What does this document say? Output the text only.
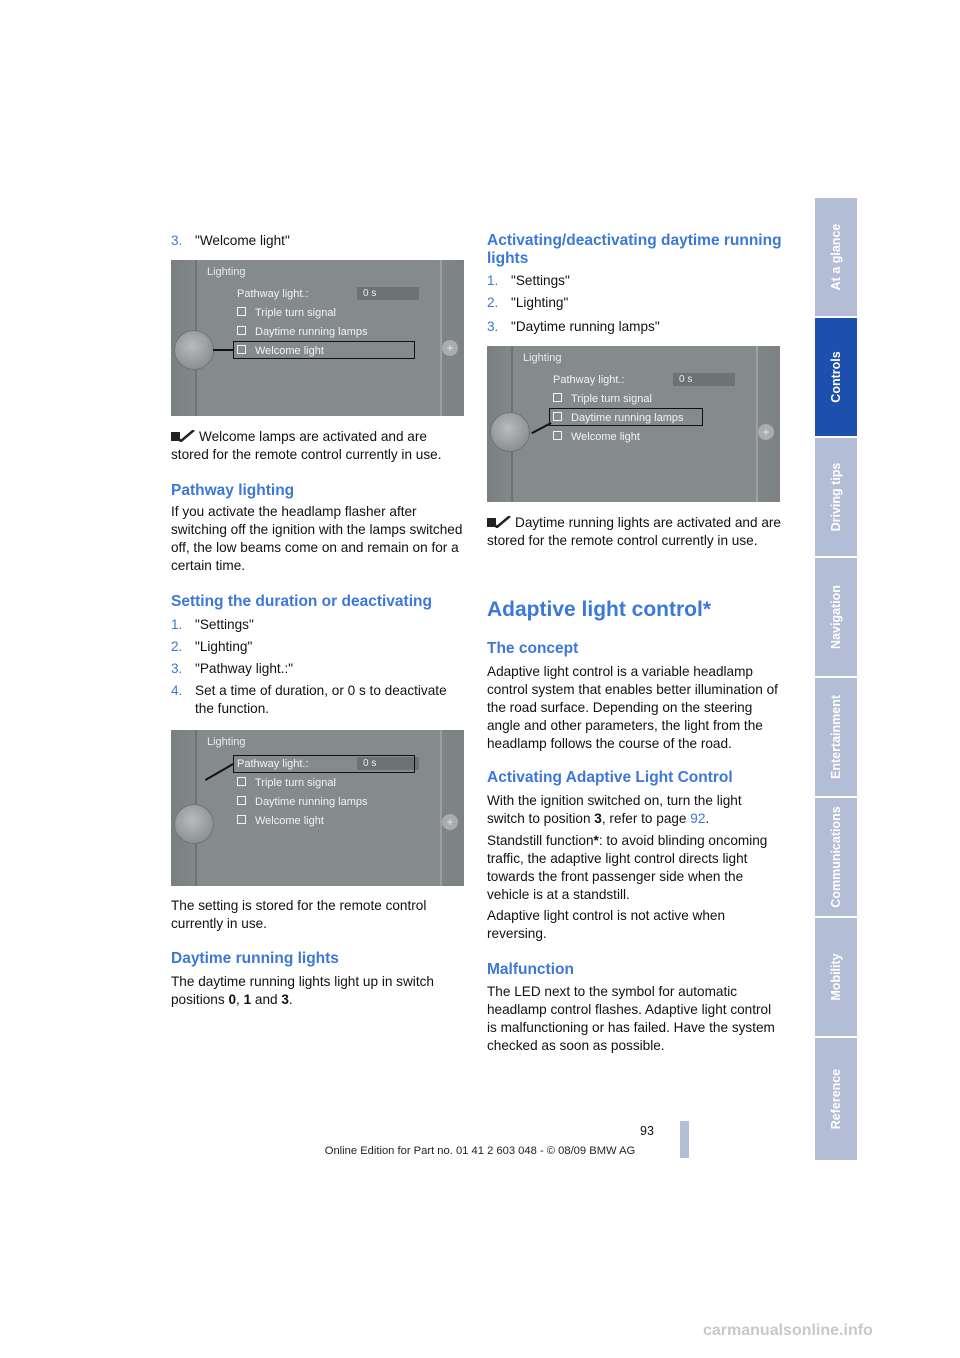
3. "Welcome light"
Lighting
+
Pathway light.:	0 s
Triple turn signal
Daytime running lamps
Welcome light
Welcome lamps are activated and are stored for the remote control currently in use.
Pathway lighting
If you activate the headlamp flasher after switching off the ignition with the lamps switched off, the low beams come on and remain on for a certain time.
Setting the duration or deactivating
1. "Settings"
2. "Lighting"
3. "Pathway light.:"
4. Set a time of duration, or 0 s to deactivate the function.
Lighting
+
Pathway light.:	0 s
Triple turn signal
Daytime running lamps
Welcome light
The setting is stored for the remote control currently in use.
Daytime running lights
The daytime running lights light up in switch positions 0, 1 and 3.
Activating/deactivating daytime running lights
1. "Settings"
2. "Lighting"
3. "Daytime running lamps"
Lighting
+
Pathway light.:	0 s
Triple turn signal
Daytime running lamps
Welcome light
Daytime running lights are activated and are stored for the remote control currently in use.
Adaptive light control*
The concept
Adaptive light control is a variable headlamp control system that enables better illumination of the road surface. Depending on the steering angle and other parameters, the light from the headlamp follows the course of the road.
Activating Adaptive Light Control
With the ignition switched on, turn the light switch to position 3, refer to page 92.
Standstill function*: to avoid blinding oncoming traffic, the adaptive light control directs light towards the front passenger side when the vehicle is at a standstill.
Adaptive light control is not active when reversing.
Malfunction
The LED next to the symbol for automatic headlamp control flashes. Adaptive light control is malfunctioning or has failed. Have the system checked as soon as possible.
At a glance
Controls
Driving tips
Navigation
Entertainment
Communications
Mobility
Reference
93
Online Edition for Part no. 01 41 2 603 048 - © 08/09 BMW AG
carmanualsonline.info
